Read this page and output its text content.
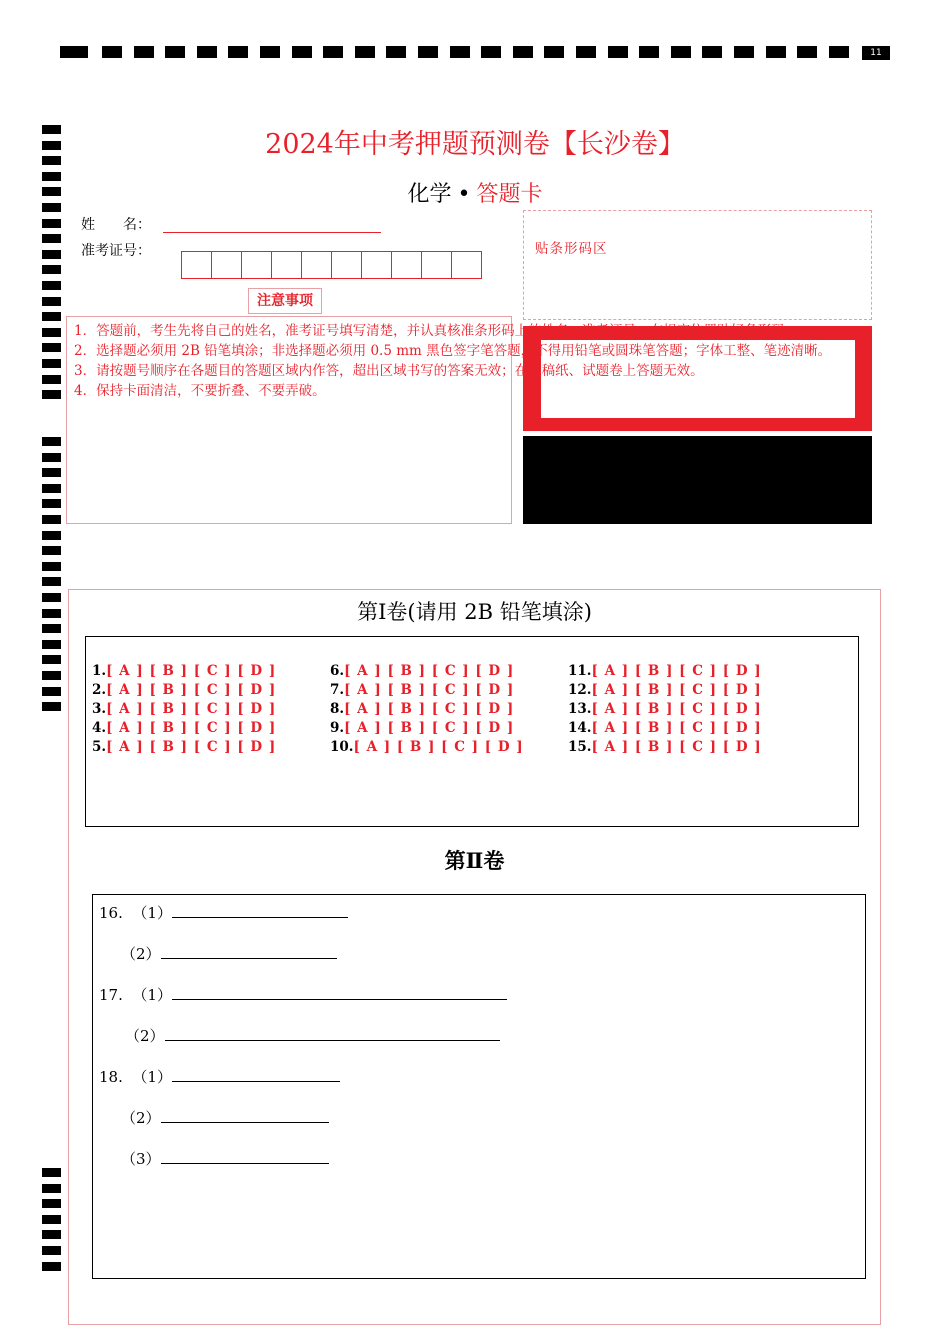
11
2024年中考押题预测卷【长沙卷】
化学 • 答题卡
姓　　名：
准考证号：
注意事项
贴条形码区
1．答题前，考生先将自己的姓名，准考证号填写清楚，并认真核准条形码上的姓名、准考证号，在规定位置贴好条形码。
2．选择题必须用 2B 铅笔填涂；非选择题必须用 0.5 mm 黑色签字笔答题，不得用铅笔或圆珠笔答题；字体工整、笔迹清晰。
3．请按题号顺序在各题目的答题区域内作答，超出区域书写的答案无效；在草稿纸、试题卷上答题无效。
4．保持卡面清洁，不要折叠、不要弄破。
第Ⅰ卷(请用 2B 铅笔填涂)
1.[ A ] [ B ] [ C ] [ D ]
2.[ A ] [ B ] [ C ] [ D ]
3.[ A ] [ B ] [ C ] [ D ]
4.[ A ] [ B ] [ C ] [ D ]
5.[ A ] [ B ] [ C ] [ D ]
6.[ A ] [ B ] [ C ] [ D ]
7.[ A ] [ B ] [ C ] [ D ]
8.[ A ] [ B ] [ C ] [ D ]
9.[ A ] [ B ] [ C ] [ D ]
10.[ A ] [ B ] [ C ] [ D ]
11.[ A ] [ B ] [ C ] [ D ]
12.[ A ] [ B ] [ C ] [ D ]
13.[ A ] [ B ] [ C ] [ D ]
14.[ A ] [ B ] [ C ] [ D ]
15.[ A ] [ B ] [ C ] [ D ]
第Ⅱ卷
16. （1）
（2）
17. （1）
（2）
18. （1）
（2）
（3）
